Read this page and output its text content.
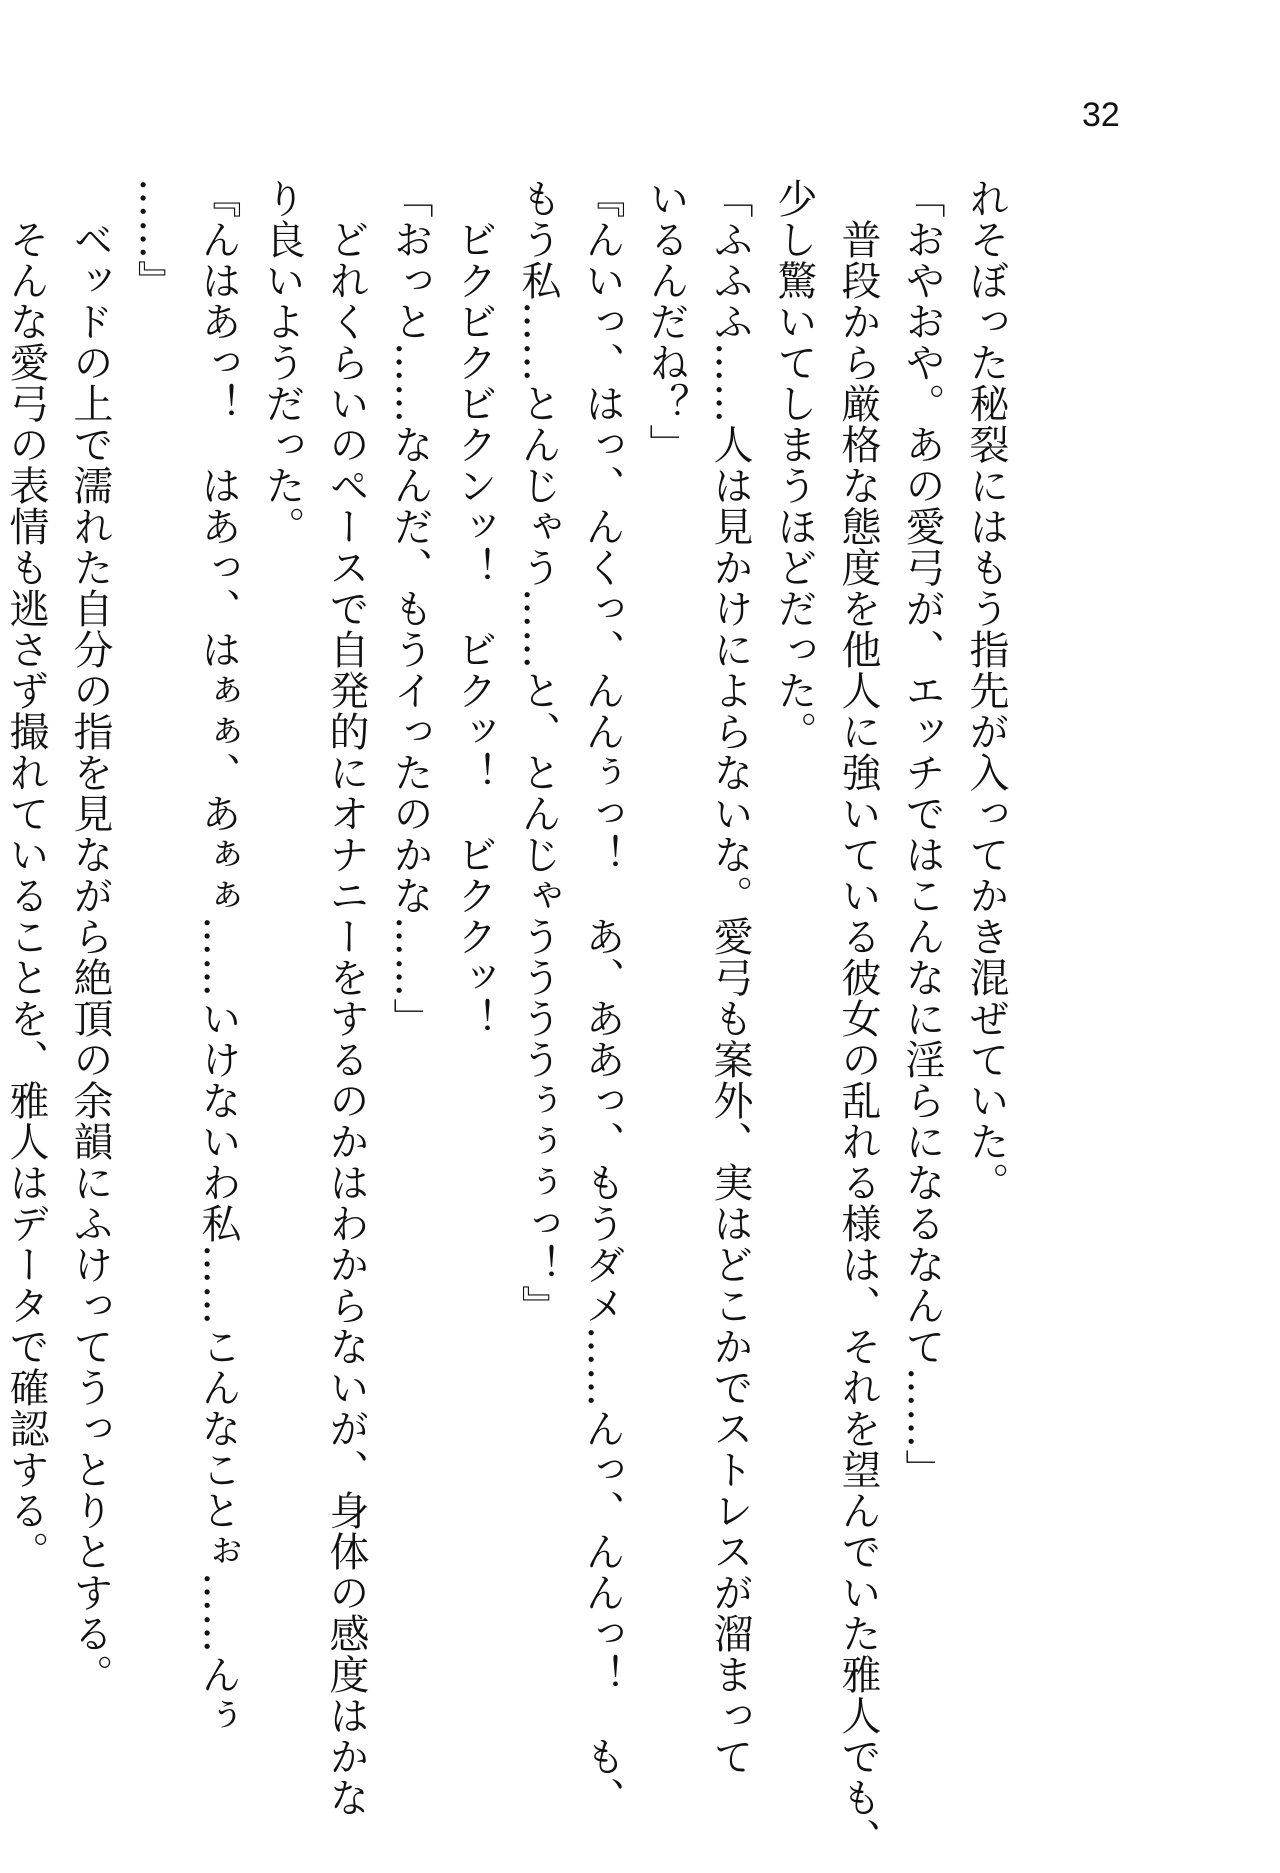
32
れそぼった秘裂にはもう指先が入ってかき混ぜていた。
「おやおや。あの愛弓が、エッチではこんなに淫らになるなんて……」
　普段から厳格な態度を他人に強いている彼女の乱れる様は、それを望んでいた雅人でも、
少し驚いてしまうほどだった。
「ふふふ……人は見かけによらないな。愛弓も案外、実はどこかでストレスが溜まって
いるんだね？」
『んいっ、はっ、んくっ、んんぅっ！　あ、ああっ、もうダメ……んっ、んんっ！　も、
もう私……とんじゃう……と、とんじゃううううぅぅぅっ！』
　ビクビクビクンッ！　ビクッ！　ビククッ！
「おっと……なんだ、もうイったのかな……」
　どれくらいのペースで自発的にオナニーをするのかはわからないが、身体の感度はかな
り良いようだった。
『んはあっ！　はあっ、はぁぁ、あぁぁ……いけないわ私……こんなことぉ……んぅ
……』
　ベッドの上で濡れた自分の指を見ながら絶頂の余韻にふけってうっとりとする。
　そんな愛弓の表情も逃さず撮れていることを、雅人はデータで確認する。
